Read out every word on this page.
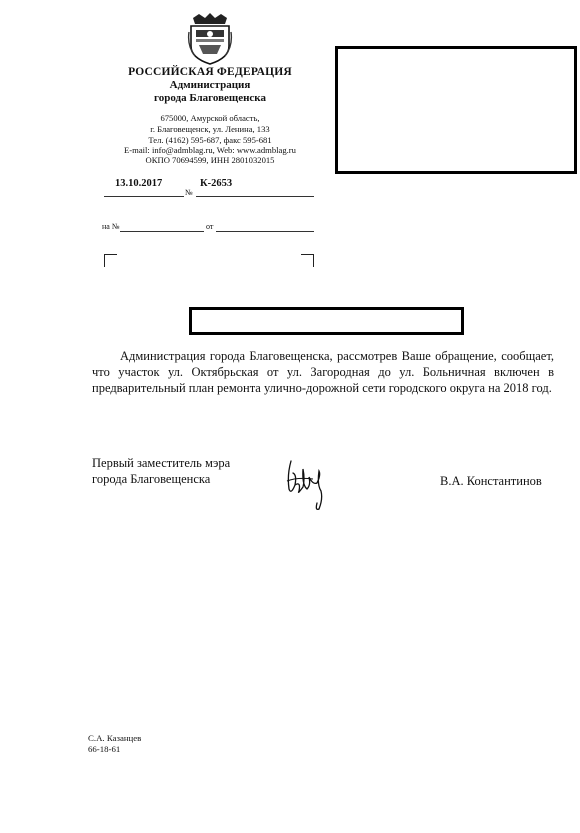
РОССИЙСКАЯ ФЕДЕРАЦИЯ
Администрация
города Благовещенска
675000, Амурской область,
г. Благовещенск, ул. Ленина, 133
Тел. (4162) 595-687, факс 595-681
E-mail: info@admblag.ru, Web: www.admblag.ru
ОКПО 70694599, ИНН 2801032015
13.10.2017	К-2653
№
на №	от
Администрация города Благовещенска, рассмотрев Ваше обращение, сообщает, что участок ул. Октябрьская от ул. Загородная до ул. Больничная включен в предварительный план ремонта улично-дорожной сети городского округа на 2018 год.
Первый заместитель мэра
города Благовещенска	В.А. Константинов
С.А. Казанцев
66-18-61
